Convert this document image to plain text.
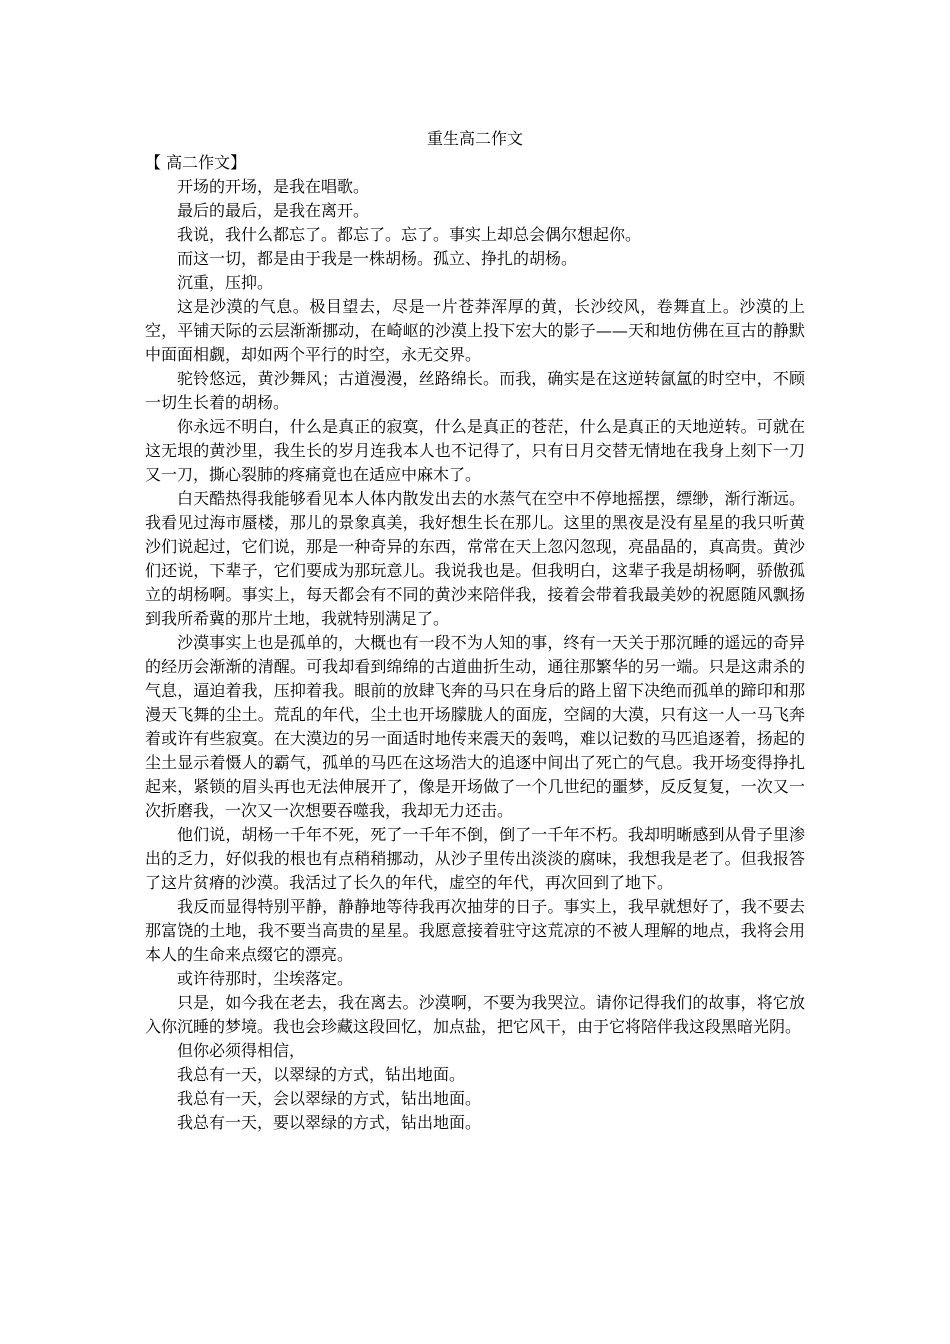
重生高二作文

【 高二作文】

开场的开场，是我在唱歌。

最后的最后，是我在离开。

我说，我什么都忘了。都忘了。忘了。事实上却总会偶尔想起你。

而这一切，都是由于我是一株胡杨。孤立、挣扎的胡杨。

沉重，压抑。

这是沙漠的气息。极目望去，尽是一片苍莽浑厚的黄，长沙绞风，卷舞直上。沙漠的上空，平铺天际的云层渐渐挪动，在崎岖的沙漠上投下宏大的影子——天和地仿佛在亘古的静默中面面相觑，却如两个平行的时空，永无交界。

驼铃悠远，黄沙舞风；古道漫漫，丝路绵长。而我，确实是在这逆转氤氲的时空中，不顾一切生长着的胡杨。

你永远不明白，什么是真正的寂寞，什么是真正的苍茫，什么是真正的天地逆转。可就在这无垠的黄沙里，我生长的岁月连我本人也不记得了，只有日月交替无情地在我身上刻下一刀又一刀，撕心裂肺的疼痛竟也在适应中麻木了。

白天酷热得我能够看见本人体内散发出去的水蒸气在空中不停地摇摆，缥缈，渐行渐远。我看见过海市蜃楼，那儿的景象真美，我好想生长在那儿。这里的黑夜是没有星星的我只听黄沙们说起过，它们说，那是一种奇异的东西，常常在天上忽闪忽现，亮晶晶的，真高贵。黄沙们还说，下辈子，它们要成为那玩意儿。我说我也是。但我明白，这辈子我是胡杨啊，骄傲孤立的胡杨啊。事实上，每天都会有不同的黄沙来陪伴我，接着会带着我最美妙的祝愿随风飘扬到我所希冀的那片土地，我就特别满足了。

沙漠事实上也是孤单的，大概也有一段不为人知的事，终有一天关于那沉睡的遥远的奇异的经历会渐渐的清醒。可我却看到绵绵的古道曲折生动，通往那繁华的另一端。只是这肃杀的气息，逼迫着我，压抑着我。眼前的放肆飞奔的马只在身后的路上留下决绝而孤单的蹄印和那漫天飞舞的尘土。荒乱的年代，尘土也开场朦胧人的面庞，空阔的大漠，只有这一人一马飞奔着或许有些寂寞。在大漠边的另一面适时地传来震天的轰鸣，难以记数的马匹追逐着，扬起的尘土显示着慑人的霸气，孤单的马匹在这场浩大的追逐中间出了死亡的气息。我开场变得挣扎起来，紧锁的眉头再也无法伸展开了，像是开场做了一个几世纪的噩梦，反反复复，一次又一次折磨我，一次又一次想要吞噬我，我却无力还击。

他们说，胡杨一千年不死，死了一千年不倒，倒了一千年不朽。我却明晰感到从骨子里渗出的乏力，好似我的根也有点稍稍挪动，从沙子里传出淡淡的腐味，我想我是老了。但我报答了这片贫瘠的沙漠。我活过了长久的年代，虚空的年代，再次回到了地下。

我反而显得特别平静，静静地等待我再次抽芽的日子。事实上，我早就想好了，我不要去那富饶的土地，我不要当高贵的星星。我愿意接着驻守这荒凉的不被人理解的地点，我将会用本人的生命来点缀它的漂亮。

或许待那时，尘埃落定。

只是，如今我在老去，我在离去。沙漠啊，不要为我哭泣。请你记得我们的故事，将它放入你沉睡的梦境。我也会珍藏这段回忆，加点盐，把它风干，由于它将陪伴我这段黑暗光阴。

但你必须得相信，

我总有一天，以翠绿的方式，钻出地面。

我总有一天，会以翠绿的方式，钻出地面。

我总有一天，要以翠绿的方式，钻出地面。
